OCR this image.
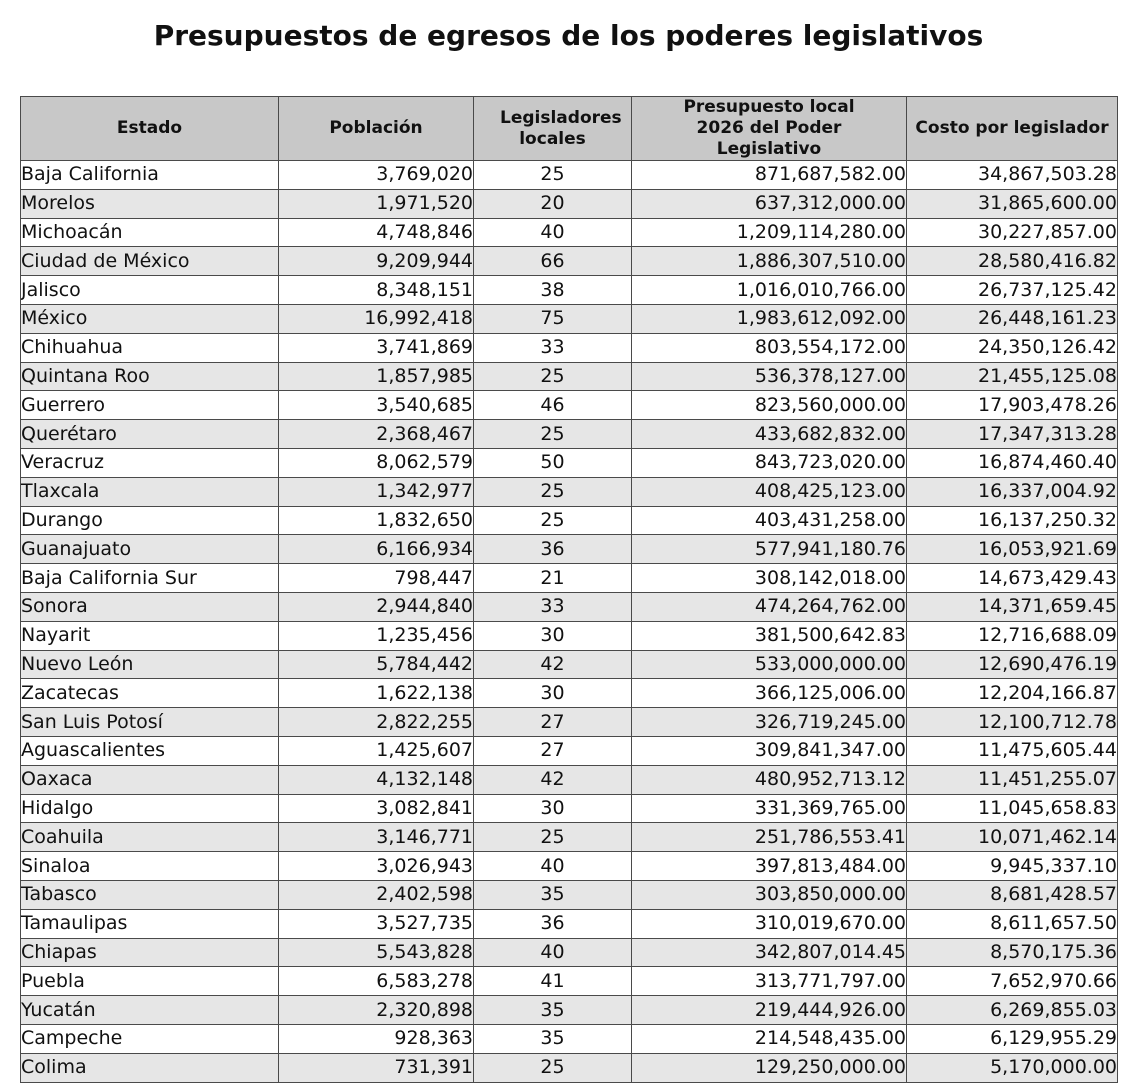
Presupuestos de egresos de los poderes legislativos
Estado	Población	Legisladores locales	Presupuesto local 2026 del Poder Legislativo	Costo por legislador
Baja California	3,769,020	25	871,687,582.00	34,867,503.28
Morelos	1,971,520	20	637,312,000.00	31,865,600.00
Michoacán	4,748,846	40	1,209,114,280.00	30,227,857.00
Ciudad de México	9,209,944	66	1,886,307,510.00	28,580,416.82
Jalisco	8,348,151	38	1,016,010,766.00	26,737,125.42
México	16,992,418	75	1,983,612,092.00	26,448,161.23
Chihuahua	3,741,869	33	803,554,172.00	24,350,126.42
Quintana Roo	1,857,985	25	536,378,127.00	21,455,125.08
Guerrero	3,540,685	46	823,560,000.00	17,903,478.26
Querétaro	2,368,467	25	433,682,832.00	17,347,313.28
Veracruz	8,062,579	50	843,723,020.00	16,874,460.40
Tlaxcala	1,342,977	25	408,425,123.00	16,337,004.92
Durango	1,832,650	25	403,431,258.00	16,137,250.32
Guanajuato	6,166,934	36	577,941,180.76	16,053,921.69
Baja California Sur	798,447	21	308,142,018.00	14,673,429.43
Sonora	2,944,840	33	474,264,762.00	14,371,659.45
Nayarit	1,235,456	30	381,500,642.83	12,716,688.09
Nuevo León	5,784,442	42	533,000,000.00	12,690,476.19
Zacatecas	1,622,138	30	366,125,006.00	12,204,166.87
San Luis Potosí	2,822,255	27	326,719,245.00	12,100,712.78
Aguascalientes	1,425,607	27	309,841,347.00	11,475,605.44
Oaxaca	4,132,148	42	480,952,713.12	11,451,255.07
Hidalgo	3,082,841	30	331,369,765.00	11,045,658.83
Coahuila	3,146,771	25	251,786,553.41	10,071,462.14
Sinaloa	3,026,943	40	397,813,484.00	9,945,337.10
Tabasco	2,402,598	35	303,850,000.00	8,681,428.57
Tamaulipas	3,527,735	36	310,019,670.00	8,611,657.50
Chiapas	5,543,828	40	342,807,014.45	8,570,175.36
Puebla	6,583,278	41	313,771,797.00	7,652,970.66
Yucatán	2,320,898	35	219,444,926.00	6,269,855.03
Campeche	928,363	35	214,548,435.00	6,129,955.29
Colima	731,391	25	129,250,000.00	5,170,000.00
